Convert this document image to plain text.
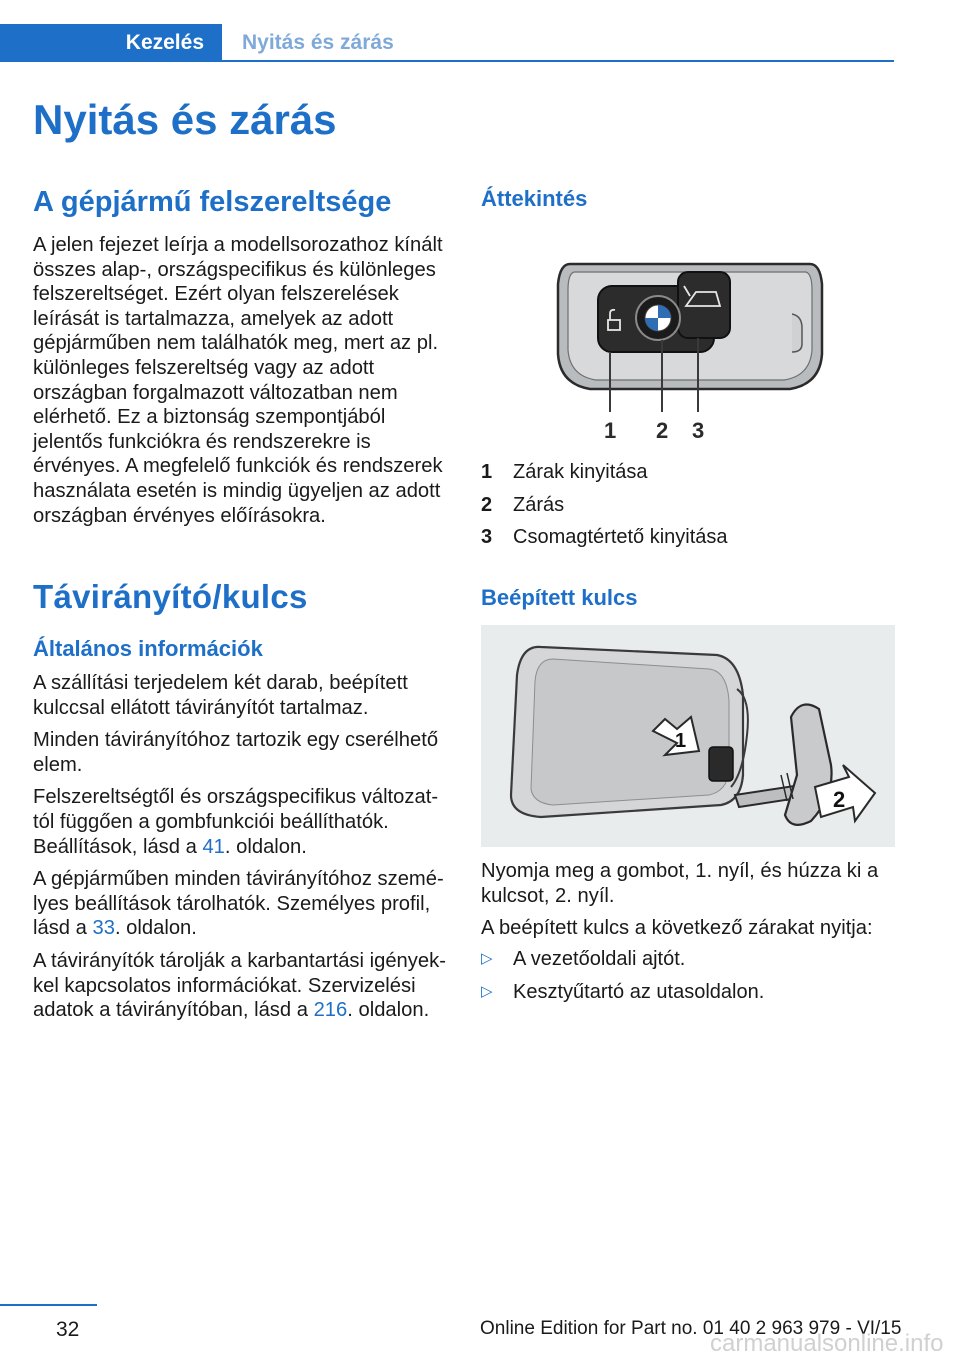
Kezelés	Nyitás és zárás
Nyitás és zárás
A gépjármű felszereltsége

A jelen fejezet leírja a modellsorozathoz kínált összes alap-, országspecifikus és különleges felszereltséget. Ezért olyan felszerelések leírását is tartalmazza, amelyek az adott gépjárműben nem találhatók meg, mert az pl. különleges felszereltség vagy az adott országban forgalmazott változatban nem elérhető. Ez a biztonság szempontjából jelentős funkciókra és rendszerekre is érvényes. A megfelelő funkciók és rendszerek használata esetén is mindig ügyeljen az adott országban érvényes előírásokra.

Távirányító/kulcs
Általános információk

A szállítási terjedelem két darab, beépített kulccsal ellátott távirányítót tartalmaz.

Minden távirányítóhoz tartozik egy cserélhető elem.

Felszereltségtől és országspecifikus változattól függően a gombfunkciói beállíthatók. Beállítások, lásd a 41. oldalon.

A gépjárműben minden távirányítóhoz személyes beállítások tárolhatók. Személyes profil, lásd a 33. oldalon.

A távirányítók tárolják a karbantartási igényekkel kapcsolatos információkat. Szervizelési adatok a távirányítóban, lásd a 216. oldalon.

Áttekintés
1 2 3
1	Zárak kinyitása
2	Zárás
3	Csomagtértető kinyitása
Beépített kulcs
1
2

Nyomja meg a gombot, 1. nyíl, és húzza ki a kulcsot, 2. nyíl.

A beépített kulcs a következő zárakat nyitja:

▷	A vezetőoldali ajtót.
▷	Kesztyűtartó az utasoldalon.
32	Online Edition for Part no. 01 40 2 963 979 - VI/15
carmanualsonline.info
